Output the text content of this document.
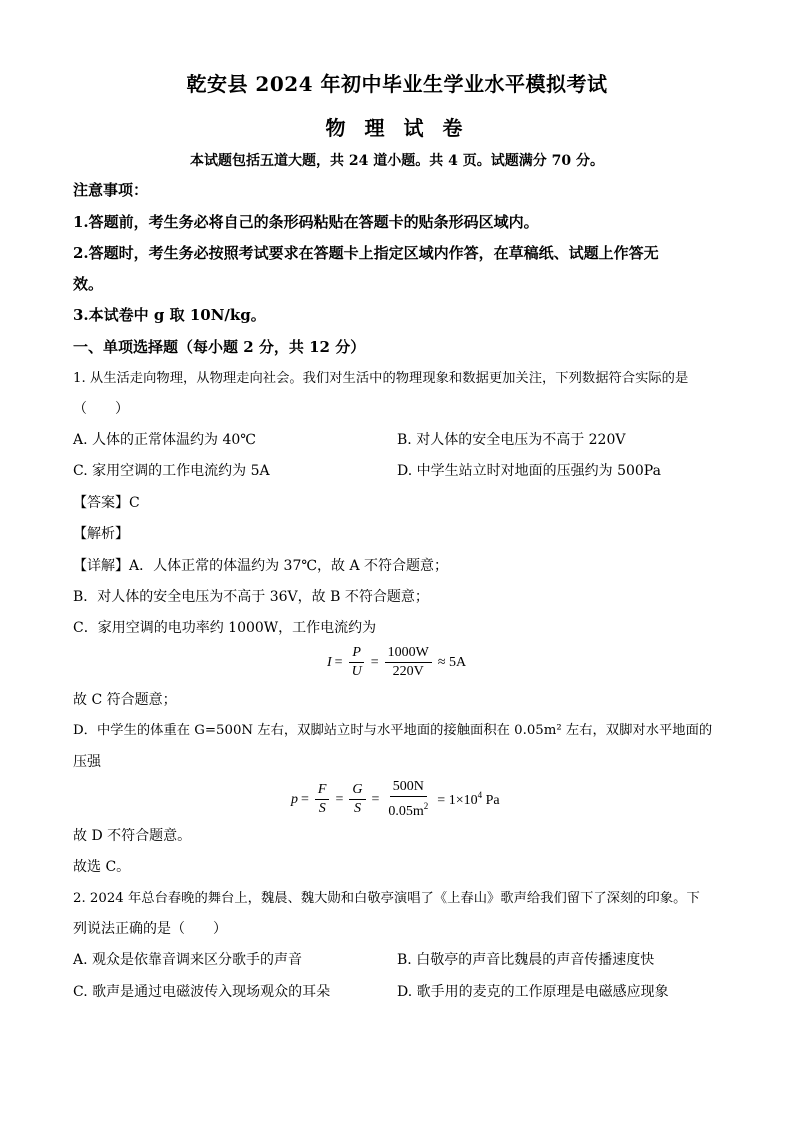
乾安县 2024 年初中毕业生学业水平模拟考试
物 理 试 卷
本试题包括五道大题，共 24 道小题。共 4 页。试题满分 70 分。
注意事项：
1.答题前，考生务必将自己的条形码粘贴在答题卡的贴条形码区域内。
2.答题时，考生务必按照考试要求在答题卡上指定区域内作答，在草稿纸、试题上作答无
效。
3.本试卷中 g 取 10N/kg。
一、单项选择题（每小题 2 分，共 12 分）
1. 从生活走向物理，从物理走向社会。我们对生活中的物理现象和数据更加关注，下列数据符合实际的是
（　　）
A. 人体的正常体温约为 40℃	B. 对人体的安全电压为不高于 220V
C. 家用空调的工作电流约为 5A	D. 中学生站立时对地面的压强约为 500Pa
【答案】C
【解析】
【详解】A．人体正常的体温约为 37℃，故 A 不符合题意；
B．对人体的安全电压为不高于 36V，故 B 不符合题意；
C．家用空调的电功率约 1000W，工作电流约为
$I = \frac{P}{U} = \frac{1000W}{220V} \approx 5A$
故 C 符合题意；
D．中学生的体重在 G=500N 左右，双脚站立时与水平地面的接触面积在 0.05m² 左右，双脚对水平地面的
压强
$p = \frac{F}{S} = \frac{G}{S} = \frac{500N}{0.05m^2} = 1\times 10^4$ Pa
故 D 不符合题意。
故选 C。
2. 2024 年总台春晚的舞台上，魏晨、魏大勋和白敬亭演唱了《上春山》歌声给我们留下了深刻的印象。下
列说法正确的是（　　）
A. 观众是依靠音调来区分歌手的声音	B. 白敬亭的声音比魏晨的声音传播速度快
C. 歌声是通过电磁波传入现场观众的耳朵	D. 歌手用的麦克的工作原理是电磁感应现象
